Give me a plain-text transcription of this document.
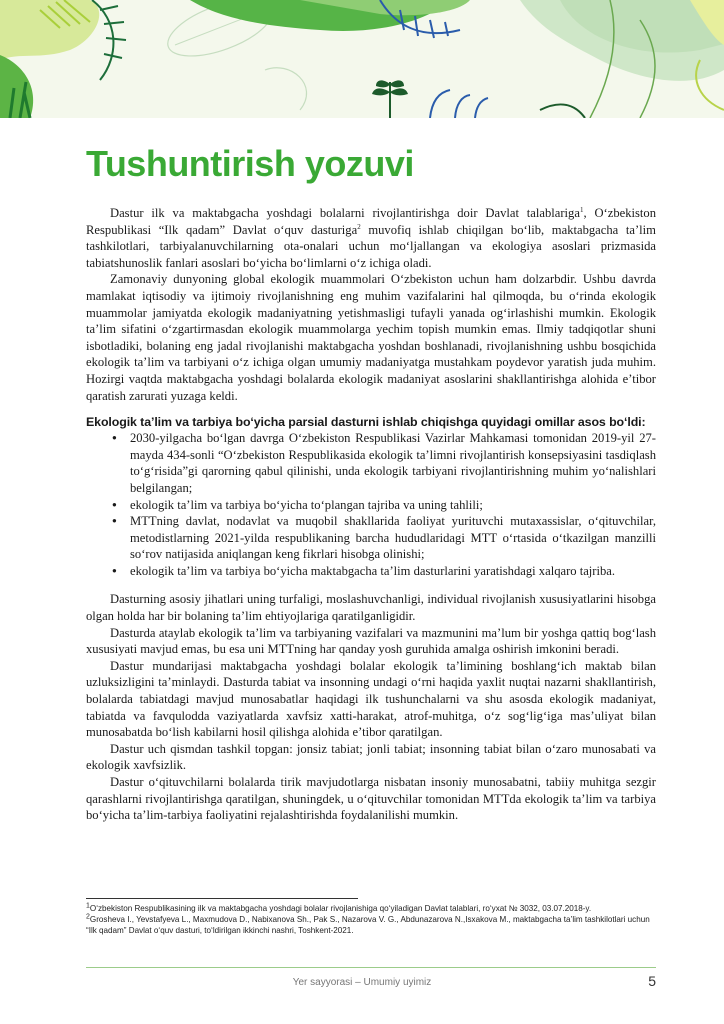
Tushuntirish yozuvi

Dastur ilk va maktabgacha yoshdagi bolalarni rivojlantirishga doir Davlat talablariga$^1$, O‘zbekiston Respublikasi “Ilk qadam” Davlat o‘quv dasturiga$^2$ muvofiq ishlab chiqilgan bo‘lib, maktabgacha ta’lim tashkilotlari, tarbiyalanuvchilarning ota-onalari uchun mo‘ljallangan va ekologiya asoslari prizmasida tabiatshunoslik fanlari asoslari bo‘yicha bo‘limlarni o‘z ichiga oladi.

Zamonaviy dunyoning global ekologik muammolari O‘zbekiston uchun ham dolzarbdir. Ushbu davrda mamlakat iqtisodiy va ijtimoiy rivojlanishning eng muhim vazifalarini hal qilmoqda, bu o‘rinda ekologik muammolar jamiyatda ekologik madaniyatning yetishmasligi tufayli yanada og‘irlashishi mumkin. Ekologik ta’lim sifatini o‘zgartirmasdan ekologik muammolarga yechim topish mumkin emas. Ilmiy tadqiqotlar shuni isbotladiki, bolaning eng jadal rivojlanishi maktabgacha yoshdan boshlanadi, rivojlanishning ushbu bosqichida ekologik ta’lim va tarbiyani o‘z ichiga olgan umumiy madaniyatga mustahkam poydevor yaratish juda muhim. Hozirgi vaqtda maktabgacha yoshdagi bolalarda ekologik madaniyat asoslarini shakllantirishga alohida e’tibor qaratish zarurati yuzaga keldi.

Ekologik ta’lim va tarbiya bo‘yicha parsial dasturni ishlab chiqishga quyidagi omillar asos bo‘ldi:

● 2030-yilgacha bo‘lgan davrga O‘zbekiston Respublikasi Vazirlar Mahkamasi tomonidan 2019-yil 27-mayda 434-sonli “O‘zbekiston Respublikasida ekologik ta’limni rivojlantirish konsepsiyasini tasdiqlash to‘g‘risida”gi qarorning qabul qilinishi, unda ekologik tarbiyani rivojlantirishning muhim yo‘nalishlari belgilangan;
● ekologik ta’lim va tarbiya bo‘yicha to‘plangan tajriba va uning tahlili;
● MTTning davlat, nodavlat va muqobil shakllarida faoliyat yurituvchi mutaxassislar, o‘qituvchilar, metodistlarning 2021-yilda respublikaning barcha hududlaridagi MTT o‘rtasida o‘tkazilgan manzilli so‘rov natijasida aniqlangan keng fikrlari hisobga olinishi;
● ekologik ta’lim va tarbiya bo‘yicha maktabgacha ta’lim dasturlarini yaratishdagi xalqaro tajriba.

Dasturning asosiy jihatlari uning turfaligi, moslashuvchanligi, individual rivojlanish xususiyatlarini hisobga olgan holda har bir bolaning ta’lim ehtiyojlariga qaratilganligidir.

Dasturda ataylab ekologik ta’lim va tarbiyaning vazifalari va mazmunini ma’lum bir yoshga qattiq bog‘lash xususiyati mavjud emas, bu esa uni MTTning har qanday yosh guruhida amalga oshirish imkonini beradi.

Dastur mundarijasi maktabgacha yoshdagi bolalar ekologik ta’limining boshlang‘ich maktab bilan uzluksizligini ta’minlaydi. Dasturda tabiat va insonning undagi o‘rni haqida yaxlit nuqtai nazarni shakllantirish, bolalarda tabiatdagi mavjud munosabatlar haqidagi ilk tushunchalarni va shu asosda ekologik madaniyat, tabiatda va favqulodda vaziyatlarda xavfsiz xatti-harakat, atrof-muhitga, o‘z sog‘lig‘iga mas’uliyat bilan munosabatda bo‘lish kabilarni hosil qilishga alohida e’tibor qaratilgan.

Dastur uch qismdan tashkil topgan: jonsiz tabiat; jonli tabiat; insonning tabiat bilan o‘zaro munosabati va ekologik xavfsizlik.

Dastur o‘qituvchilarni bolalarda tirik mavjudotlarga nisbatan insoniy munosabatni, tabiiy muhitga sezgir qarashlarni rivojlantirishga qaratilgan, shuningdek, u o‘qituvchilar tomonidan MTTda ekologik ta’lim va tarbiya bo‘yicha ta’lim-tarbiya faoliyatini rejalashtirishda foydalanilishi mumkin.

$^1$O‘zbekiston Respublikasining ilk va maktabgacha yoshdagi bolalar rivojlanishiga qo‘yiladigan Davlat talablari, ro‘yxat № 3032, 03.07.2018-y.

$^2$Grosheva I., Yevstafyeva L., Maxmudova D., Nabixanova Sh., Pak S., Nazarova V. G., Abdunazarova N.,Isxakova M., maktabgacha ta’lim tashkilotlari uchun “Ilk qadam” Davlat o‘quv dasturi, to‘ldirilgan ikkinchi nashri, Toshkent-2021.

Yer sayyorasi – Umumiy uyimiz	5
